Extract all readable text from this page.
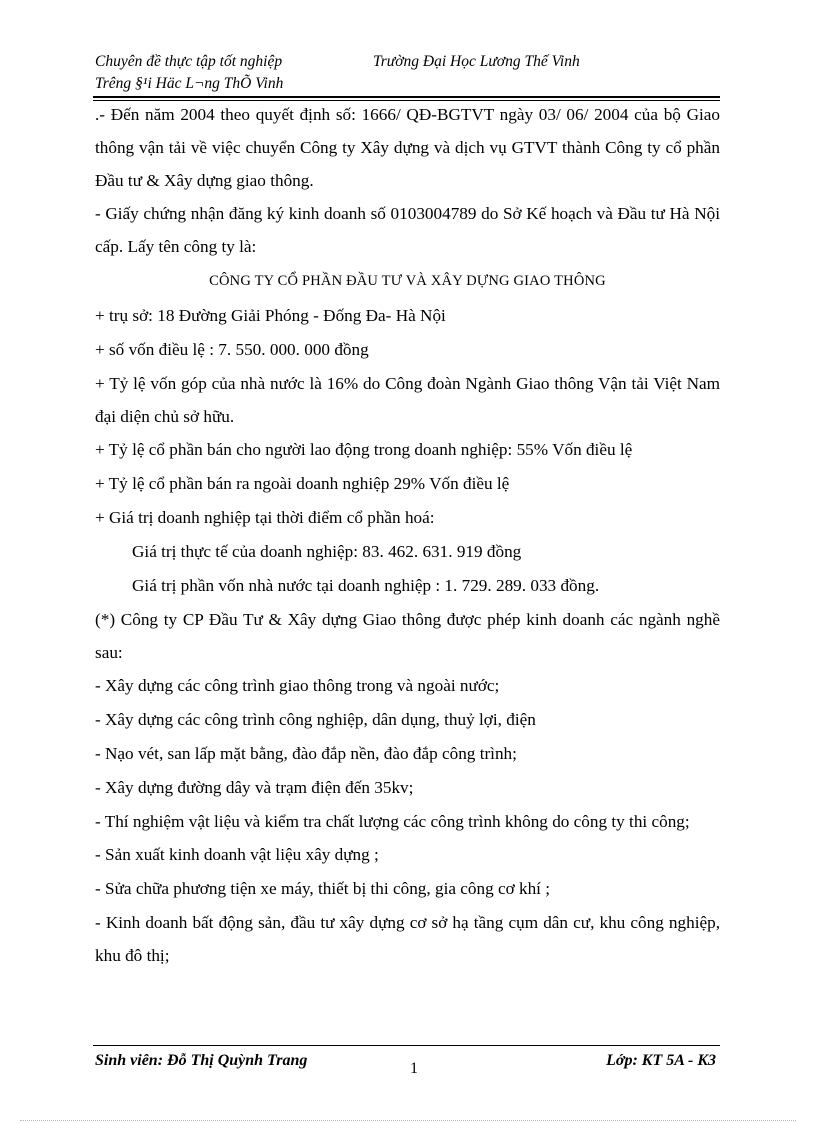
Chuyên đề thực tập tốt nghiệp	Trường Đại Học Lương Thế Vinh
Trêng §¹i Häc L¬ng ThÕ Vinh

.- Đến năm 2004 theo quyết định số: 1666/ QĐ-BGTVT ngày 03/ 06/ 2004 của bộ Giao thông vận tải về việc chuyển Công ty Xây dựng và dịch vụ GTVT thành Công ty cổ phần Đầu tư & Xây dựng giao thông.

- Giấy chứng nhận đăng ký kinh doanh số 0103004789 do Sở Kế hoạch và Đầu tư Hà Nội cấp. Lấy tên công ty là:

CÔNG TY CỔ PHẦN ĐẦU TƯ VÀ XÂY DỰNG GIAO THÔNG

+ trụ sở: 18 Đường Giải Phóng - Đống Đa- Hà Nội

+ số vốn điều lệ : 7. 550. 000. 000 đồng

+ Tỷ lệ vốn góp của nhà nước là 16% do Công đoàn Ngành Giao thông Vận tải Việt Nam đại diện chủ sở hữu.

+ Tỷ lệ cổ phần bán cho người lao động trong doanh nghiệp: 55% Vốn điều lệ

+ Tỷ lệ cổ phần bán ra ngoài doanh nghiệp 29% Vốn điều lệ

+ Giá trị doanh nghiệp tại thời điểm cổ phần hoá:

Giá trị thực tế của doanh nghiệp: 83. 462. 631. 919 đồng

Giá trị phần vốn nhà nước tại doanh nghiệp : 1. 729. 289. 033 đồng.

(*) Công ty CP Đầu Tư & Xây dựng Giao thông được phép kinh doanh các ngành nghề sau:

- Xây dựng các công trình giao thông trong và ngoài nước;

- Xây dựng các công trình công nghiệp, dân dụng, thuỷ lợi, điện

- Nạo vét, san lấp mặt bằng, đào đắp nền, đào đắp công trình;

- Xây dựng đường dây và trạm điện đến 35kv;

- Thí nghiệm vật liệu và kiểm tra chất lượng các công trình không do công ty thi công;

- Sản xuất kinh doanh vật liệu xây dựng ;

- Sửa chữa phương tiện xe máy, thiết bị thi công, gia công cơ khí ;

- Kinh doanh bất động sản, đầu tư xây dựng cơ sở hạ tầng cụm dân cư, khu công nghiệp, khu đô thị;

Sinh viên: Đỗ Thị Quỳnh Trang	1	Lớp: KT 5A - K3
